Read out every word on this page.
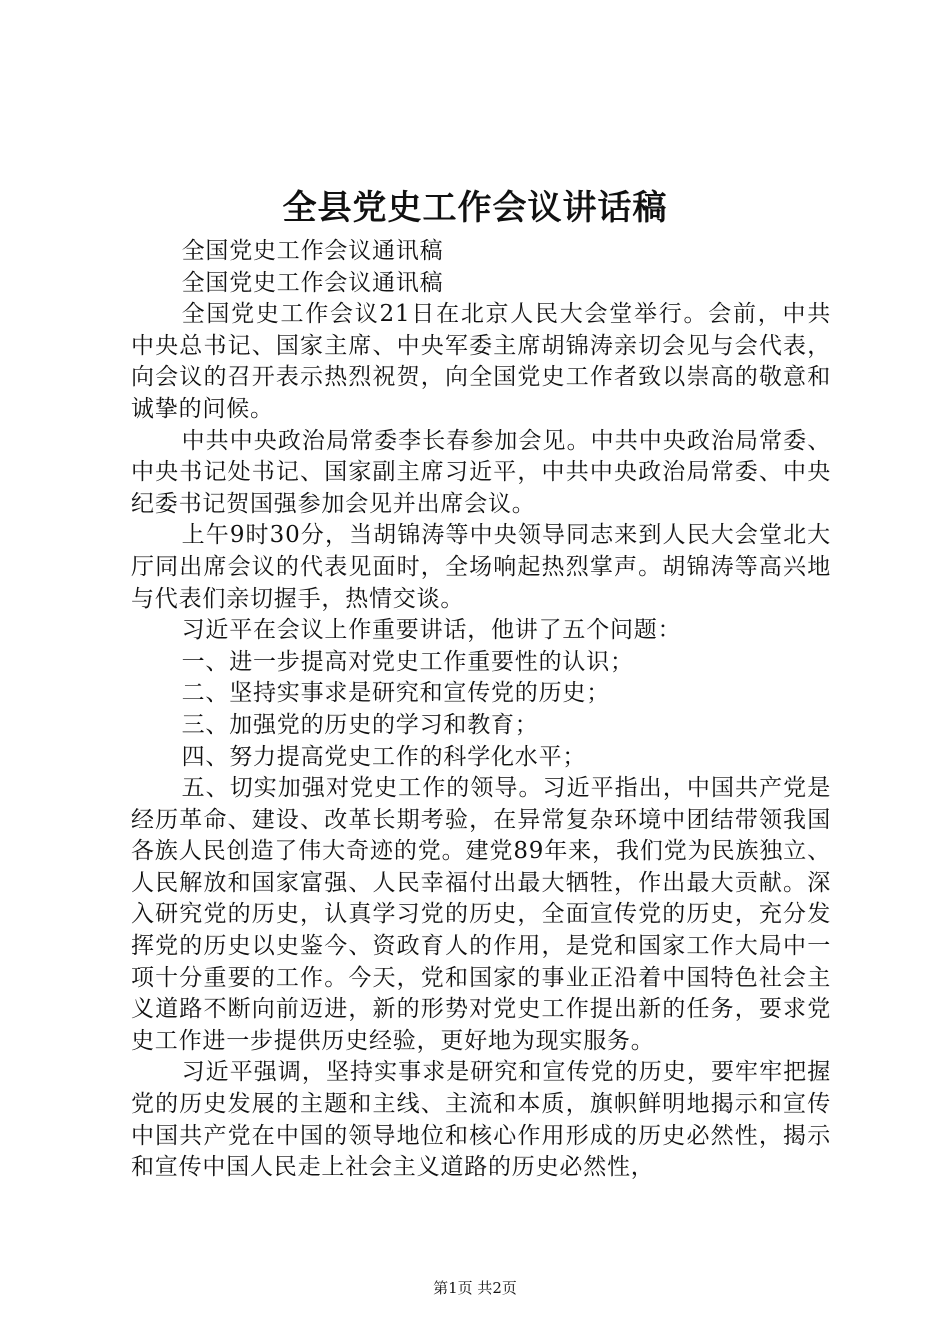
全县党史工作会议讲话稿

全国党史工作会议通讯稿

全国党史工作会议通讯稿

全国党史工作会议21日在北京人民大会堂举行。会前，中共中央总书记、国家主席、中央军委主席胡锦涛亲切会见与会代表，向会议的召开表示热烈祝贺，向全国党史工作者致以崇高的敬意和诚挚的问候。

中共中央政治局常委李长春参加会见。中共中央政治局常委、中央书记处书记、国家副主席习近平，中共中央政治局常委、中央纪委书记贺国强参加会见并出席会议。

上午9时30分，当胡锦涛等中央领导同志来到人民大会堂北大厅同出席会议的代表见面时，全场响起热烈掌声。胡锦涛等高兴地与代表们亲切握手，热情交谈。

习近平在会议上作重要讲话，他讲了五个问题：

一、进一步提高对党史工作重要性的认识；

二、坚持实事求是研究和宣传党的历史；

三、加强党的历史的学习和教育；

四、努力提高党史工作的科学化水平；

五、切实加强对党史工作的领导。习近平指出，中国共产党是经历革命、建设、改革长期考验，在异常复杂环境中团结带领我国各族人民创造了伟大奇迹的党。建党89年来，我们党为民族独立、人民解放和国家富强、人民幸福付出最大牺牲，作出最大贡献。深入研究党的历史，认真学习党的历史，全面宣传党的历史，充分发挥党的历史以史鉴今、资政育人的作用，是党和国家工作大局中一项十分重要的工作。今天，党和国家的事业正沿着中国特色社会主义道路不断向前迈进，新的形势对党史工作提出新的任务，要求党史工作进一步提供历史经验，更好地为现实服务。

习近平强调，坚持实事求是研究和宣传党的历史，要牢牢把握党的历史发展的主题和主线、主流和本质，旗帜鲜明地揭示和宣传中国共产党在中国的领导地位和核心作用形成的历史必然性，揭示和宣传中国人民走上社会主义道路的历史必然性，

第1页 共2页
